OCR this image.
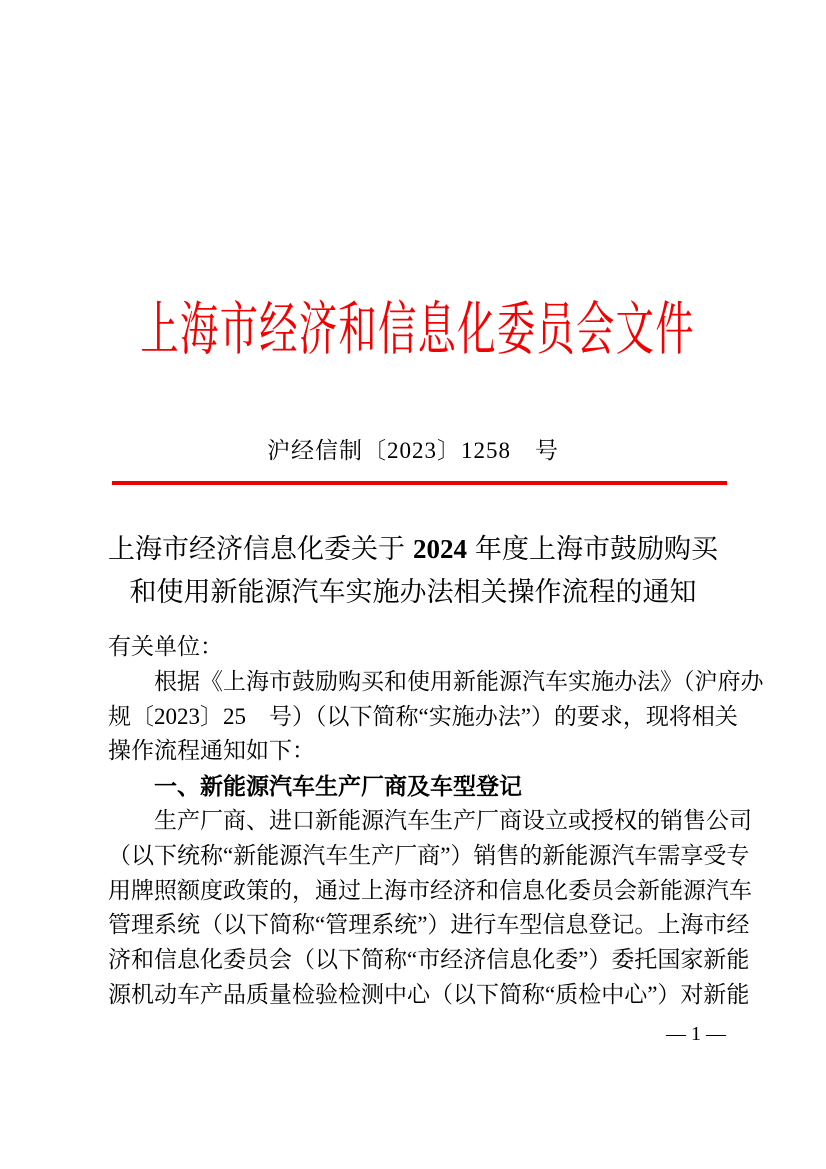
上海市经济和信息化委员会文件
沪经信制〔2023〕1258　号
上海市经济信息化委关于 2024 年度上海市鼓励购买
和使用新能源汽车实施办法相关操作流程的通知
有关单位：
根据《上海市鼓励购买和使用新能源汽车实施办法》（沪府办
规〔2023〕25　号）（以下简称“实施办法”）的要求，现将相关
操作流程通知如下：
一、新能源汽车生产厂商及车型登记
生产厂商、进口新能源汽车生产厂商设立或授权的销售公司
（以下统称“新能源汽车生产厂商”）销售的新能源汽车需享受专
用牌照额度政策的，通过上海市经济和信息化委员会新能源汽车
管理系统（以下简称“管理系统”）进行车型信息登记。上海市经
济和信息化委员会（以下简称“市经济信息化委”）委托国家新能
源机动车产品质量检验检测中心（以下简称“质检中心”）对新能
— 1 —
